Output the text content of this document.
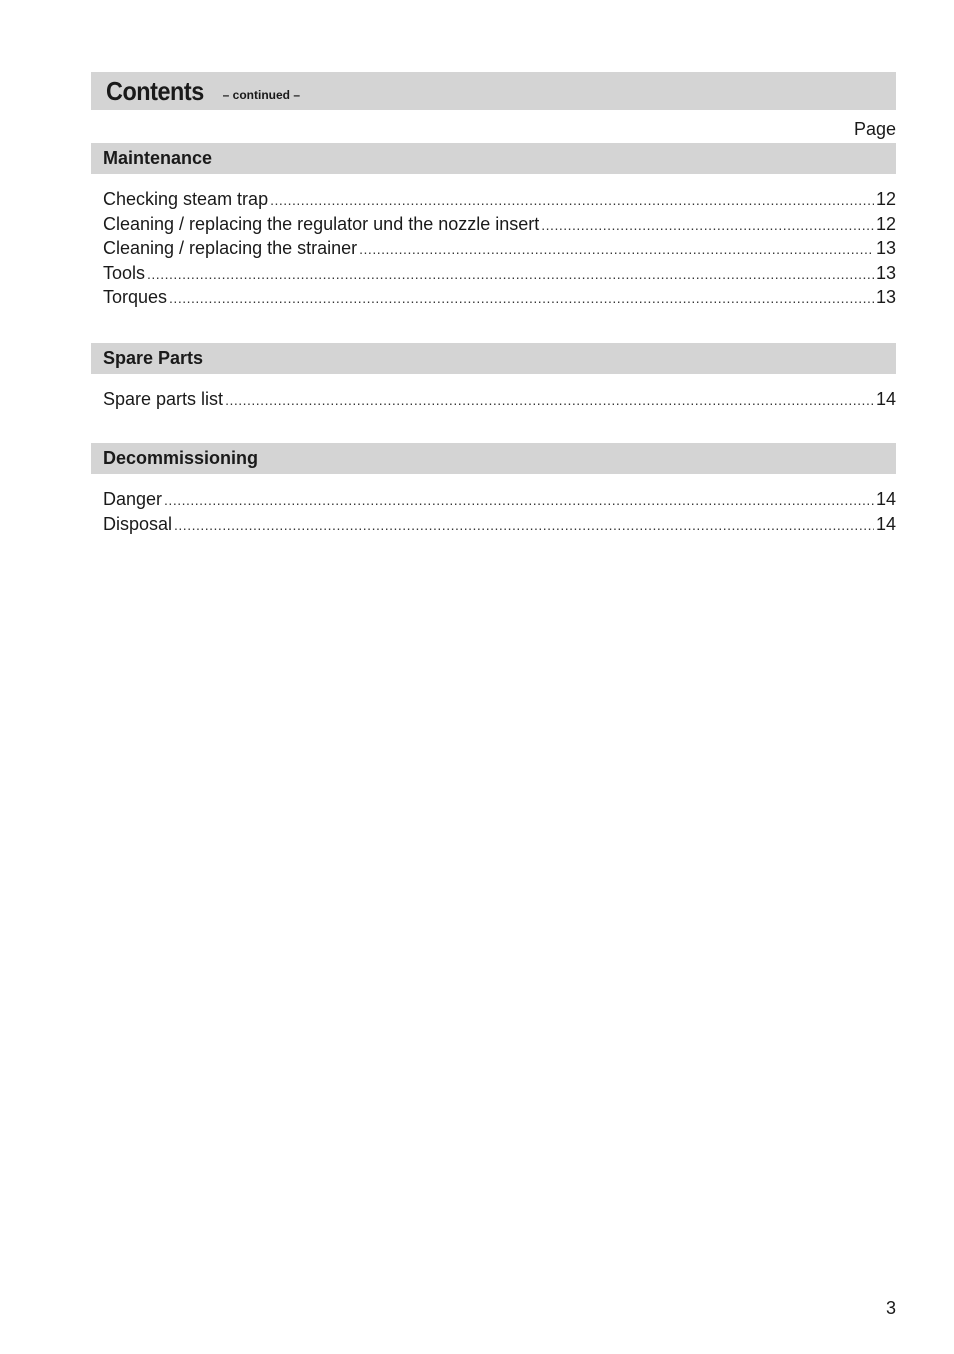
Contents – continued –
Page
Maintenance
Checking steam trap .....	12
Cleaning / replacing the regulator und the nozzle insert .....	12
Cleaning / replacing the strainer .....	13
Tools .....	13
Torques .....	13
Spare Parts
Spare parts list .....	14
Decommissioning
Danger .....	14
Disposal .....	14
3
